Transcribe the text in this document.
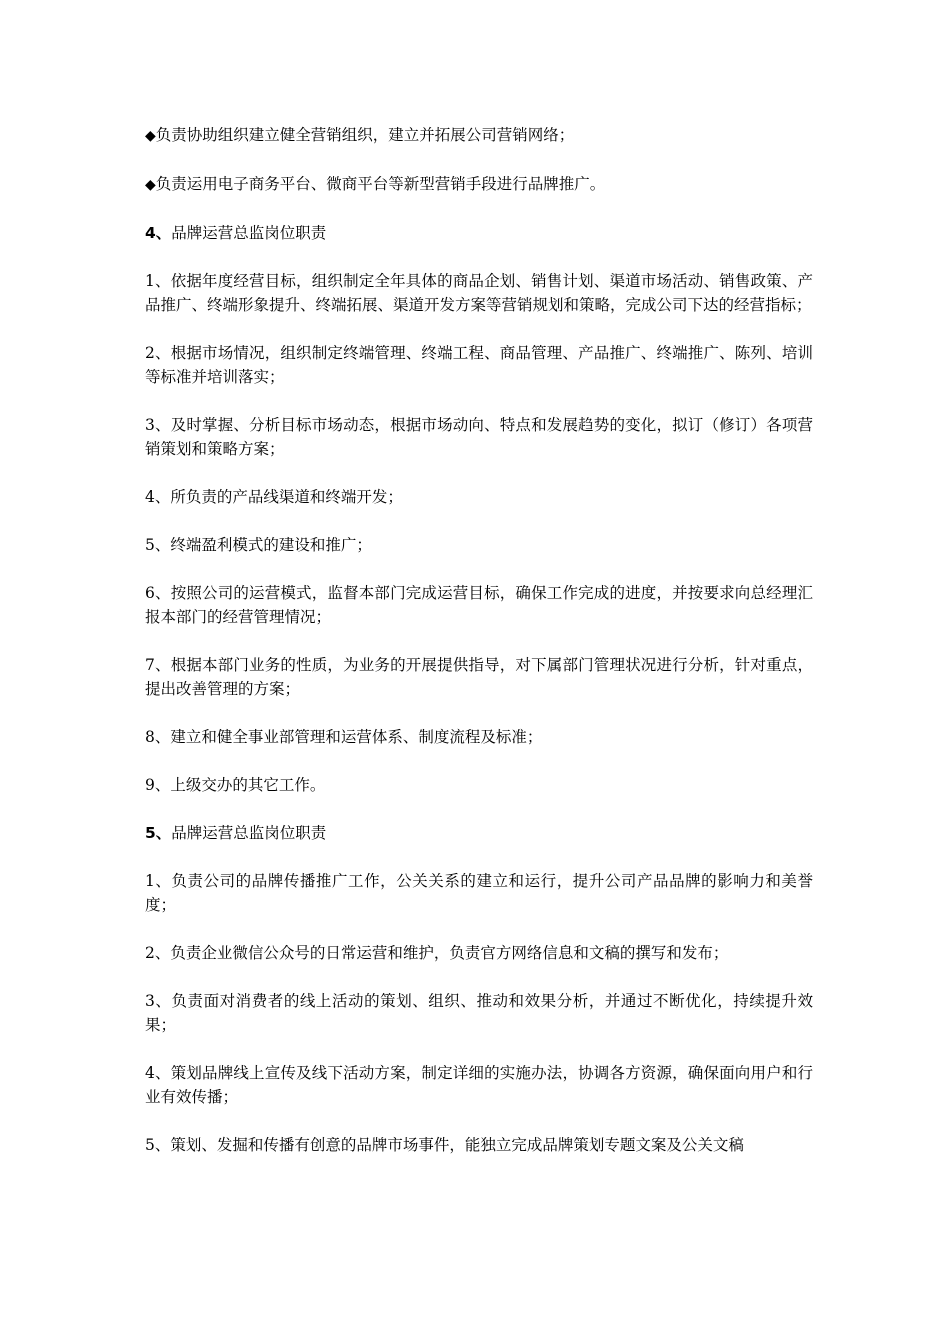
◆负责协助组织建立健全营销组织，建立并拓展公司营销网络；

◆负责运用电子商务平台、微商平台等新型营销手段进行品牌推广。

4、品牌运营总监岗位职责

1、依据年度经营目标，组织制定全年具体的商品企划、销售计划、渠道市场活动、销售政策、产品推广、终端形象提升、终端拓展、渠道开发方案等营销规划和策略，完成公司下达的经营指标；

2、根据市场情况，组织制定终端管理、终端工程、商品管理、产品推广、终端推广、陈列、培训等标准并培训落实；

3、及时掌握、分析目标市场动态，根据市场动向、特点和发展趋势的变化，拟订（修订）各项营销策划和策略方案；

4、所负责的产品线渠道和终端开发；

5、终端盈利模式的建设和推广；

6、按照公司的运营模式，监督本部门完成运营目标，确保工作完成的进度，并按要求向总经理汇报本部门的经营管理情况；

7、根据本部门业务的性质，为业务的开展提供指导，对下属部门管理状况进行分析，针对重点，提出改善管理的方案；

8、建立和健全事业部管理和运营体系、制度流程及标准；

9、上级交办的其它工作。

5、品牌运营总监岗位职责

1、负责公司的品牌传播推广工作，公关关系的建立和运行，提升公司产品品牌的影响力和美誉度；

2、负责企业微信公众号的日常运营和维护，负责官方网络信息和文稿的撰写和发布；

3、负责面对消费者的线上活动的策划、组织、推动和效果分析，并通过不断优化，持续提升效果；

4、策划品牌线上宣传及线下活动方案，制定详细的实施办法，协调各方资源，确保面向用户和行业有效传播；

5、策划、发掘和传播有创意的品牌市场事件，能独立完成品牌策划专题文案及公关文稿
